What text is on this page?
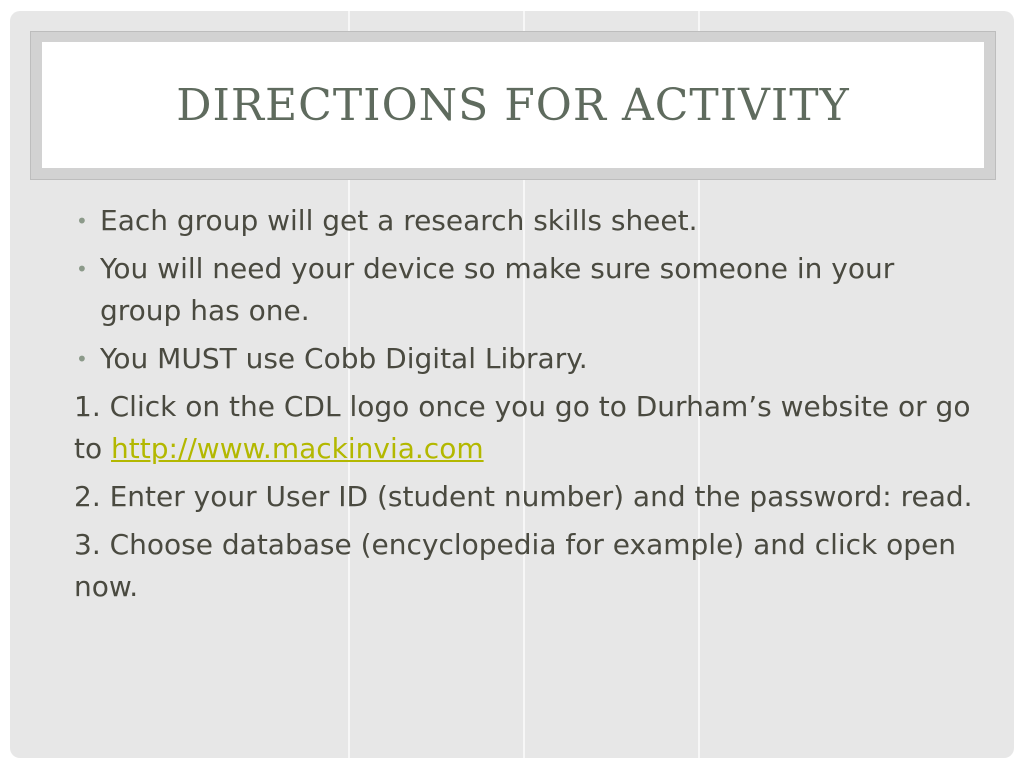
DIRECTIONS FOR ACTIVITY
• Each group will get a research skills sheet.
• You will need your device so make sure someone in your group has one.
• You MUST use Cobb Digital Library.

1. Click on the CDL logo once you go to Durham’s website or go to http://www.mackinvia.com

2. Enter your User ID (student number) and the password: read.

3. Choose database (encyclopedia for example) and click open now.
